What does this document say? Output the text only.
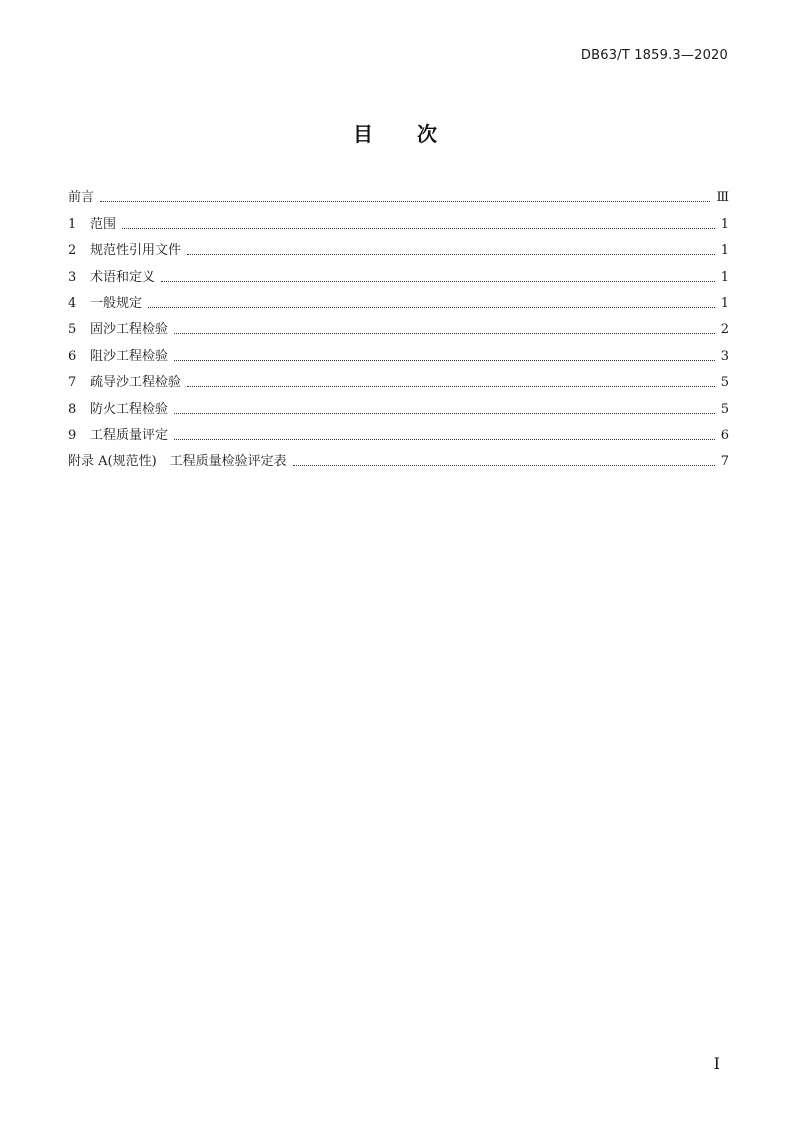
DB63/T 1859.3—2020
目次
前言	Ⅲ
1 范围	1
2 规范性引用文件	1
3 术语和定义	1
4 一般规定	1
5 固沙工程检验	2
6 阻沙工程检验	3
7 疏导沙工程检验	5
8 防火工程检验	5
9 工程质量评定	6
附录 A(规范性)　工程质量检验评定表	7
I
